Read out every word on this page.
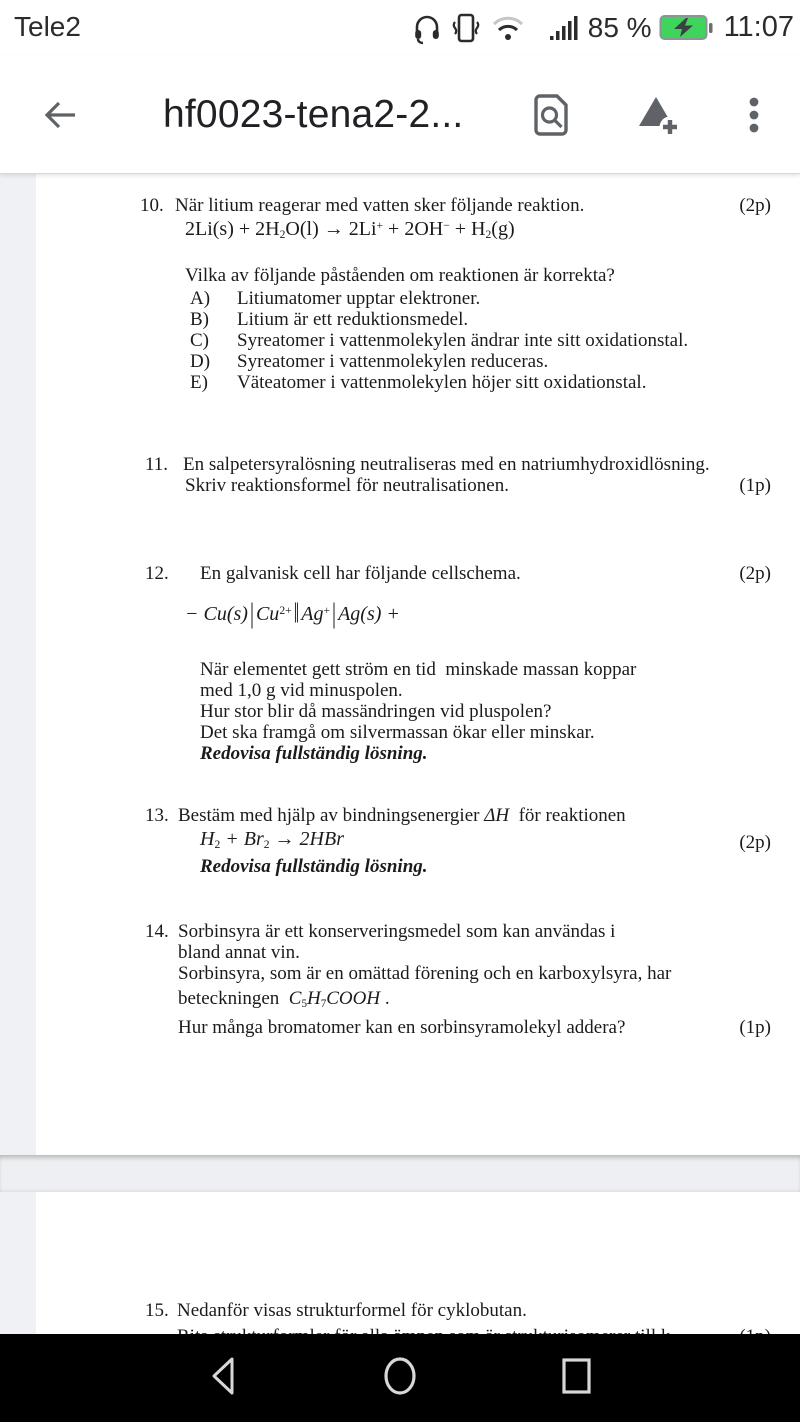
Tele2	85 % 11:07
hf0023-tena2-2...
10. När litium reagerar med vatten sker följande reaktion.	(2p)
$2Li(s) + 2H_2O(l) \to 2Li^+ + 2OH^- + H_2(g)$
Vilka av följande påståenden om reaktionen är korrekta?
A) Litiumatomer upptar elektroner.
B) Litium är ett reduktionsmedel.
C) Syreatomer i vattenmolekylen ändrar inte sitt oxidationstal.
D) Syreatomer i vattenmolekylen reduceras.
E) Väteatomer i vattenmolekylen höjer sitt oxidationstal.
11. En salpetersyralösning neutraliseras med en natriumhydroxidlösning.
Skriv reaktionsformel för neutralisationen.	(1p)
12. En galvanisk cell har följande cellschema.	(2p)
− Cu(s) | $Cu^{2+}$ ‖ Ag+ | Ag(s) +
När elementet gett ström en tid  minskade massan koppar
med 1,0 g vid minuspolen.
Hur stor blir då massändringen vid pluspolen?
Det ska framgå om silvermassan ökar eller minskar.
Redovisa fullständig lösning.
13. Bestäm med hjälp av bindningsenergier ΔH  för reaktionen
$H_2 + Br_2 \to 2HBr$	(2p)
Redovisa fullständig lösning.
14. Sorbinsyra är ett konserveringsmedel som kan användas i
bland annat vin.
Sorbinsyra, som är en omättad förening och en karboxylsyra, har
beteckningen  $C_5H_7COOH$ .
Hur många bromatomer kan en sorbinsyramolekyl addera?	(1p)
15. Nedanför visas strukturformel för cyklobutan.
